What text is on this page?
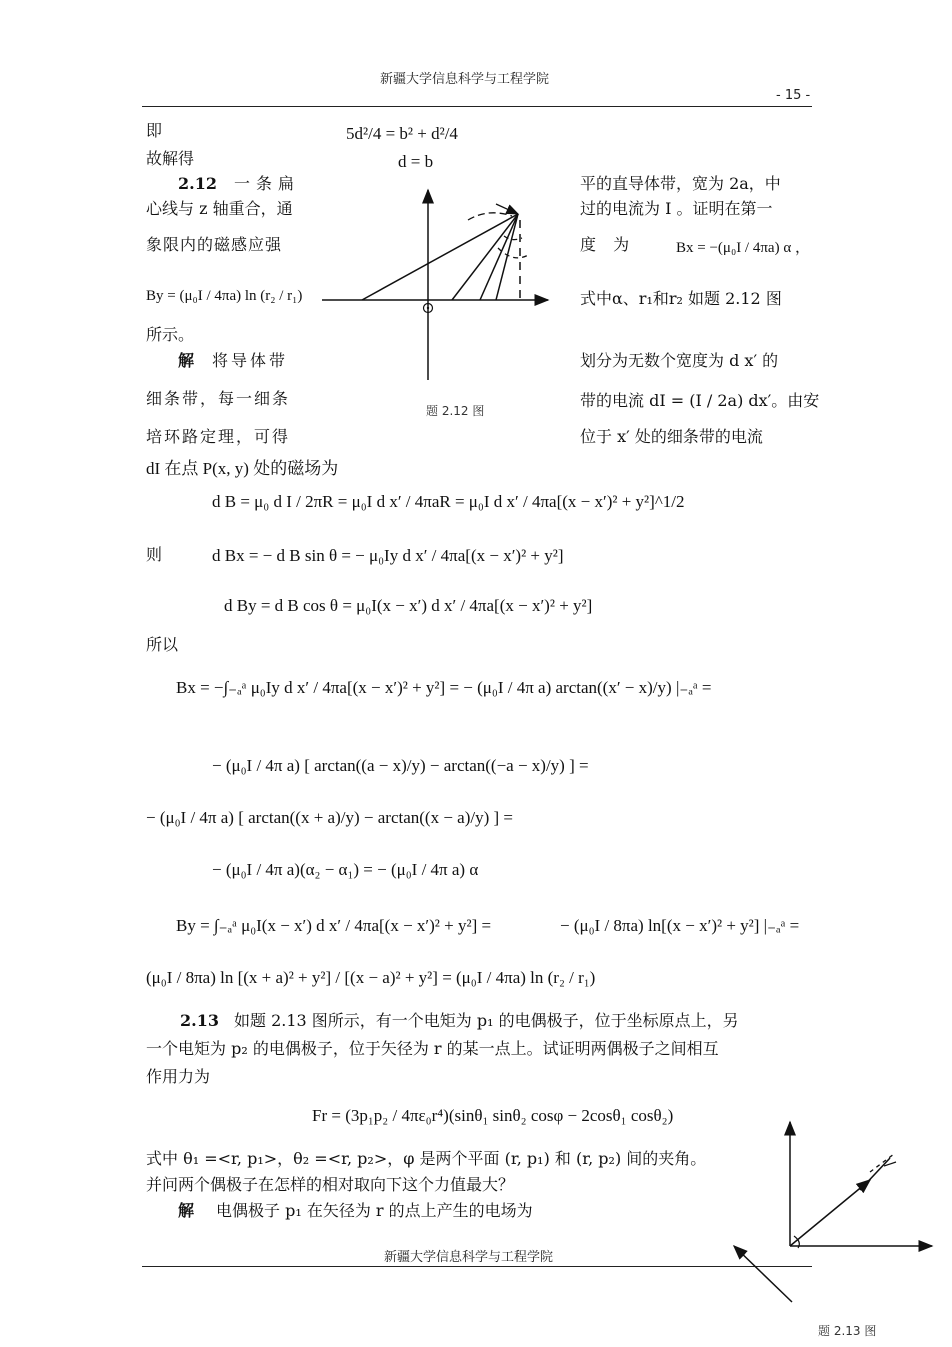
新疆大学信息科学与工程学院
- 15 -
即
故解得
5d²/4 = b² + d²/4
d = b
2.12 一条扁
心线与 z 轴重合，通
象限内的磁感应强
平的直导体带，宽为 2a，中
过的电流为 I 。证明在第一
度 为	Bx = −(μ₀I / 4πa) α ，
By = (μ₀I / 4πa) ln (r₂ / r₁)	式中α、r₁和r₂ 如题 2.12 图
所示。
解 将导体带
细条带，每一细条
培环路定理，可得
划分为无数个宽度为 d x′ 的
带的电流 dI = (I / 2a) dx′。由安
位于 x′ 处的细条带的电流
题 2.12 图
dI 在点 P(x, y) 处的磁场为
d B = μ₀ d I / 2πR = μ₀I d x′ / 4πaR = μ₀I d x′ / 4πa[(x − x′)² + y²]^1/2
则	d Bx = − d B sin θ = − μ₀Iy d x′ / 4πa[(x − x′)² + y²]
d By = d B cos θ = μ₀I(x − x′) d x′ / 4πa[(x − x′)² + y²]
所以
Bx = −∫₋ₐᵃ μ₀Iy d x′ / 4πa[(x − x′)² + y²] = − (μ₀I / 4π a) arctan((x′ − x)/y) |₋ₐᵃ =
− (μ₀I / 4π a) [ arctan((a − x)/y) − arctan((−a − x)/y) ] =
− (μ₀I / 4π a) [ arctan((x + a)/y) − arctan((x − a)/y) ] =
− (μ₀I / 4π a)(α₂ − α₁) = − (μ₀I / 4π a) α
By = ∫₋ₐᵃ μ₀I(x − x′) d x′ / 4πa[(x − x′)² + y²] =	− (μ₀I / 8πa) ln[(x − x′)² + y²] |₋ₐᵃ =
(μ₀I / 8πa) ln [(x + a)² + y²] / [(x − a)² + y²] = (μ₀I / 4πa) ln (r₂ / r₁)
2.13 如题 2.13 图所示，有一个电矩为 p₁ 的电偶极子，位于坐标原点上，另
一个电矩为 p₂ 的电偶极子，位于矢径为 r 的某一点上。试证明两偶极子之间相互
作用力为
Fr = (3p₁p₂ / 4πε₀r⁴)(sinθ₁ sinθ₂ cosφ − 2cosθ₁ cosθ₂)
式中 θ₁ =<r, p₁>，θ₂ =<r, p₂>，φ 是两个平面 (r, p₁) 和 (r, p₂) 间的夹角。
并问两个偶极子在怎样的相对取向下这个力值最大？
解 电偶极子 p₁ 在矢径为 r 的点上产生的电场为
新疆大学信息科学与工程学院
题 2.13 图
